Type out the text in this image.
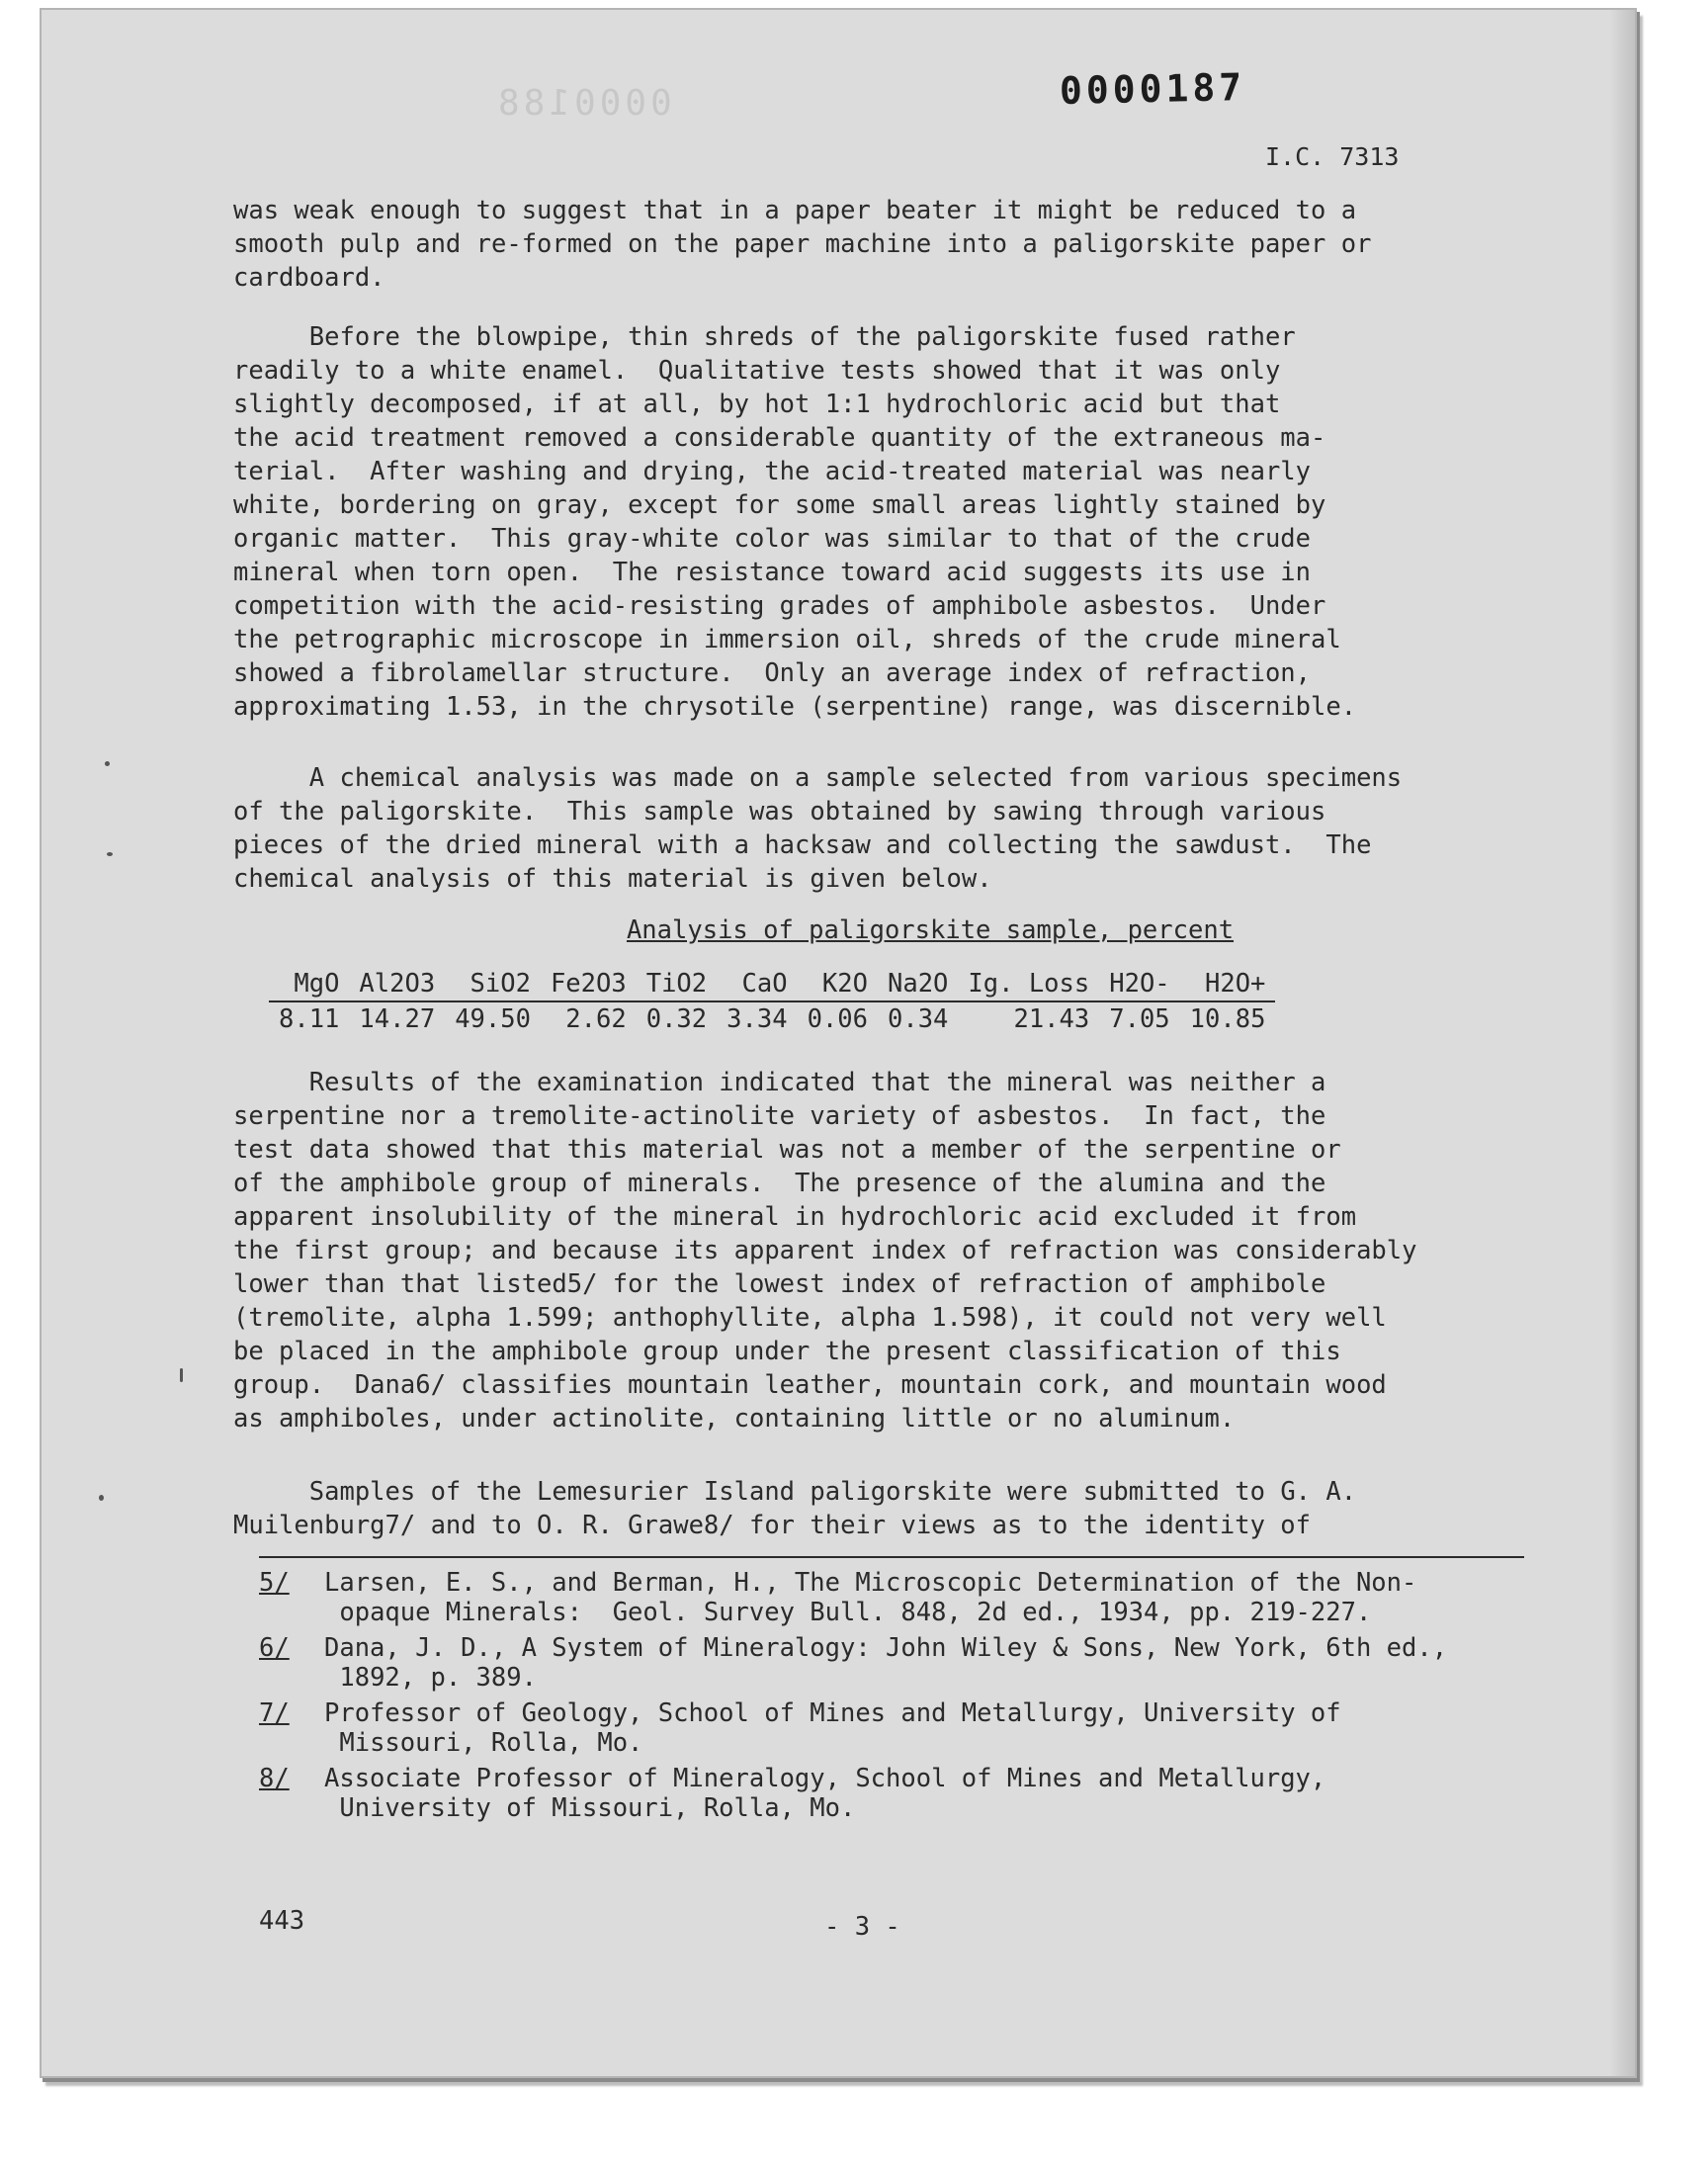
0000188	0000187
I.C. 7313

was weak enough to suggest that in a paper beater it might be reduced to a
smooth pulp and re-formed on the paper machine into a paligorskite paper or
cardboard.

Before the blowpipe, thin shreds of the paligorskite fused rather
readily to a white enamel.  Qualitative tests showed that it was only
slightly decomposed, if at all, by hot 1:1 hydrochloric acid but that
the acid treatment removed a considerable quantity of the extraneous ma-
terial.  After washing and drying, the acid-treated material was nearly
white, bordering on gray, except for some small areas lightly stained by
organic matter.  This gray-white color was similar to that of the crude
mineral when torn open.  The resistance toward acid suggests its use in
competition with the acid-resisting grades of amphibole asbestos.  Under
the petrographic microscope in immersion oil, shreds of the crude mineral
showed a fibrolamellar structure.  Only an average index of refraction,
approximating 1.53, in the chrysotile (serpentine) range, was discernible.

A chemical analysis was made on a sample selected from various specimens
of the paligorskite.  This sample was obtained by sawing through various
pieces of the dried mineral with a hacksaw and collecting the sawdust.  The
chemical analysis of this material is given below.

Analysis of paligorskite sample, percent
MgO	Al2O3	SiO2	Fe2O3	TiO2	CaO	K2O	Na2O	Ig. Loss	H2O-	H2O+
8.11	14.27	49.50	2.62	0.32	3.34	0.06	0.34	21.43	7.05	10.85

Results of the examination indicated that the mineral was neither a
serpentine nor a tremolite-actinolite variety of asbestos.  In fact, the
test data showed that this material was not a member of the serpentine or
of the amphibole group of minerals.  The presence of the alumina and the
apparent insolubility of the mineral in hydrochloric acid excluded it from
the first group; and because its apparent index of refraction was considerably
lower than that listed5/ for the lowest index of refraction of amphibole
(tremolite, alpha 1.599; anthophyllite, alpha 1.598), it could not very well
be placed in the amphibole group under the present classification of this
group.  Dana6/ classifies mountain leather, mountain cork, and mountain wood
as amphiboles, under actinolite, containing little or no aluminum.

Samples of the Lemesurier Island paligorskite were submitted to G. A.
Muilenburg7/ and to O. R. Grawe8/ for their views as to the identity of

5/	Larsen, E. S., and Berman, H., The Microscopic Determination of the Non-
opaque Minerals:  Geol. Survey Bull. 848, 2d ed., 1934, pp. 219-227.
6/	Dana, J. D., A System of Mineralogy: John Wiley & Sons, New York, 6th ed.,
1892, p. 389.
7/	Professor of Geology, School of Mines and Metallurgy, University of
Missouri, Rolla, Mo.
8/	Associate Professor of Mineralogy, School of Mines and Metallurgy,
University of Missouri, Rolla, Mo.
443	- 3 -
